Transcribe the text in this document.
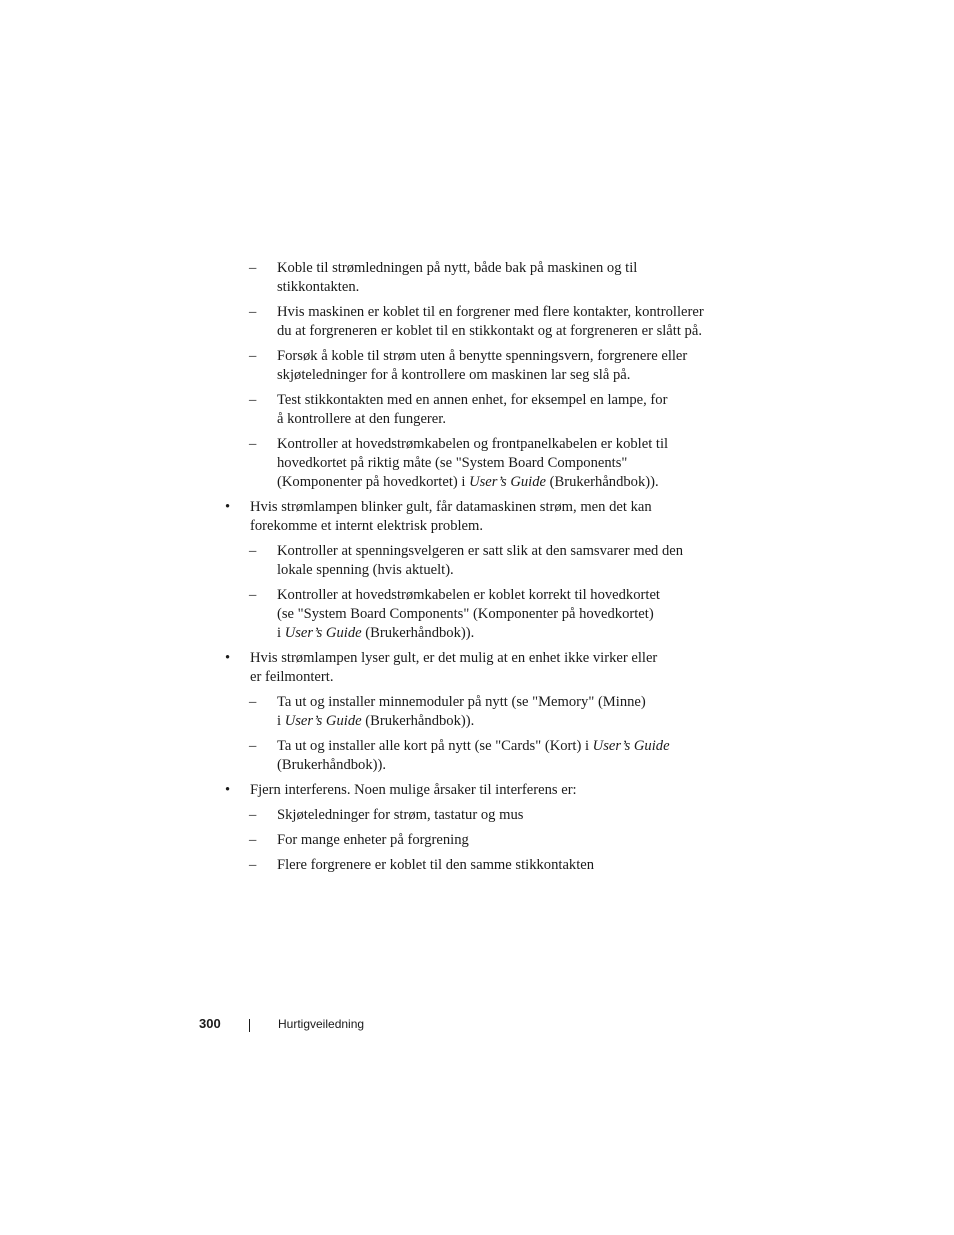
– Koble til strømledningen på nytt, både bak på maskinen og til
stikkontakten.
– Hvis maskinen er koblet til en forgrener med flere kontakter, kontrollerer
du at forgreneren er koblet til en stikkontakt og at forgreneren er slått på.
– Forsøk å koble til strøm uten å benytte spenningsvern, forgrenere eller
skjøteledninger for å kontrollere om maskinen lar seg slå på.
– Test stikkontakten med en annen enhet, for eksempel en lampe, for
å kontrollere at den fungerer.
– Kontroller at hovedstrømkabelen og frontpanelkabelen er koblet til
hovedkortet på riktig måte (se "System Board Components"
(Komponenter på hovedkortet) i User’s Guide (Brukerhåndbok)).
• Hvis strømlampen blinker gult, får datamaskinen strøm, men det kan
forekomme et internt elektrisk problem.
– Kontroller at spenningsvelgeren er satt slik at den samsvarer med den
lokale spenning (hvis aktuelt).
– Kontroller at hovedstrømkabelen er koblet korrekt til hovedkortet
(se "System Board Components" (Komponenter på hovedkortet)
i User’s Guide (Brukerhåndbok)).
• Hvis strømlampen lyser gult, er det mulig at en enhet ikke virker eller
er feilmontert.
– Ta ut og installer minnemoduler på nytt (se "Memory" (Minne)
i User’s Guide (Brukerhåndbok)).
– Ta ut og installer alle kort på nytt (se "Cards" (Kort) i User’s Guide
(Brukerhåndbok)).
• Fjern interferens. Noen mulige årsaker til interferens er:
– Skjøteledninger for strøm, tastatur og mus
– For mange enheter på forgrening
– Flere forgrenere er koblet til den samme stikkontakten
300	Hurtigveiledning
